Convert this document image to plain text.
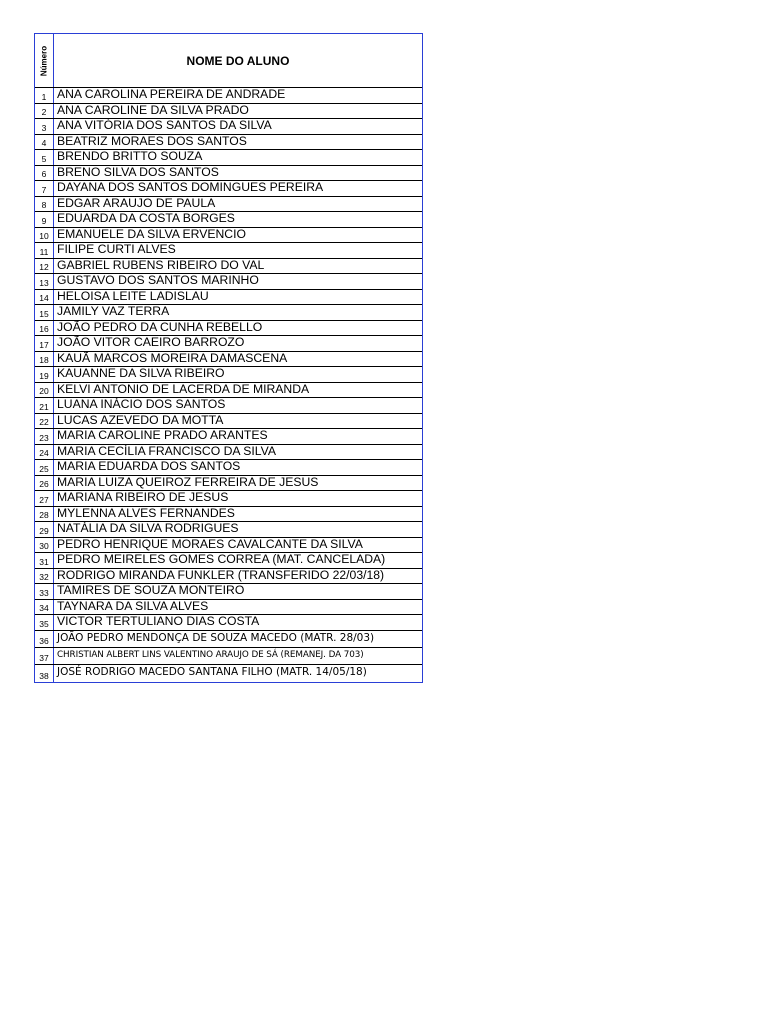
Número	NOME DO ALUNO
1 ANA CAROLINA PEREIRA DE ANDRADE
2 ANA CAROLINE DA SILVA PRADO
3 ANA VITÓRIA DOS SANTOS DA SILVA
4 BEATRIZ MORAES DOS SANTOS
5 BRENDO BRITTO SOUZA
6 BRENO SILVA DOS SANTOS
7 DAYANA DOS SANTOS DOMINGUES PEREIRA
8 EDGAR ARAUJO DE PAULA
9 EDUARDA DA COSTA BORGES
10 EMANUELE DA SILVA ERVENCIO
11 FILIPE CURTI ALVES
12 GABRIEL RUBENS RIBEIRO DO VAL
13 GUSTAVO DOS SANTOS MARINHO
14 HELOISA LEITE LADISLAU
15 JAMILY VAZ TERRA
16 JOÃO PEDRO DA CUNHA REBELLO
17 JOÃO VITOR CAEIRO BARROZO
18 KAUÃ MARCOS MOREIRA DAMASCENA
19 KAUANNE DA SILVA RIBEIRO
20 KELVI ANTONIO DE LACERDA DE MIRANDA
21 LUANA INÁCIO DOS SANTOS
22 LUCAS AZEVEDO DA MOTTA
23 MARIA CAROLINE PRADO ARANTES
24 MARIA CECÍLIA FRANCISCO DA SILVA
25 MARIA EDUARDA DOS SANTOS
26 MARIA LUIZA QUEIROZ FERREIRA DE JESUS
27 MARIANA RIBEIRO DE JESUS
28 MYLENNA ALVES FERNANDES
29 NATÁLIA DA SILVA RODRIGUES
30 PEDRO HENRIQUE MORAES CAVALCANTE DA SILVA
31 PEDRO MEIRELES GOMES CORREA (MAT. CANCELADA)
32 RODRIGO MIRANDA FUNKLER (TRANSFERIDO 22/03/18)
33 TAMIRES DE SOUZA MONTEIRO
34 TAYNARA DA SILVA ALVES
35 VICTOR TERTULIANO DIAS COSTA
36 JOÃO PEDRO MENDONÇA DE SOUZA MACEDO (MATR. 28/03)
37 CHRISTIAN ALBERT LINS VALENTINO ARAUJO DE SÁ (REMANEJ. DA 703)
38 JOSÉ RODRIGO MACEDO SANTANA FILHO (MATR. 14/05/18)
